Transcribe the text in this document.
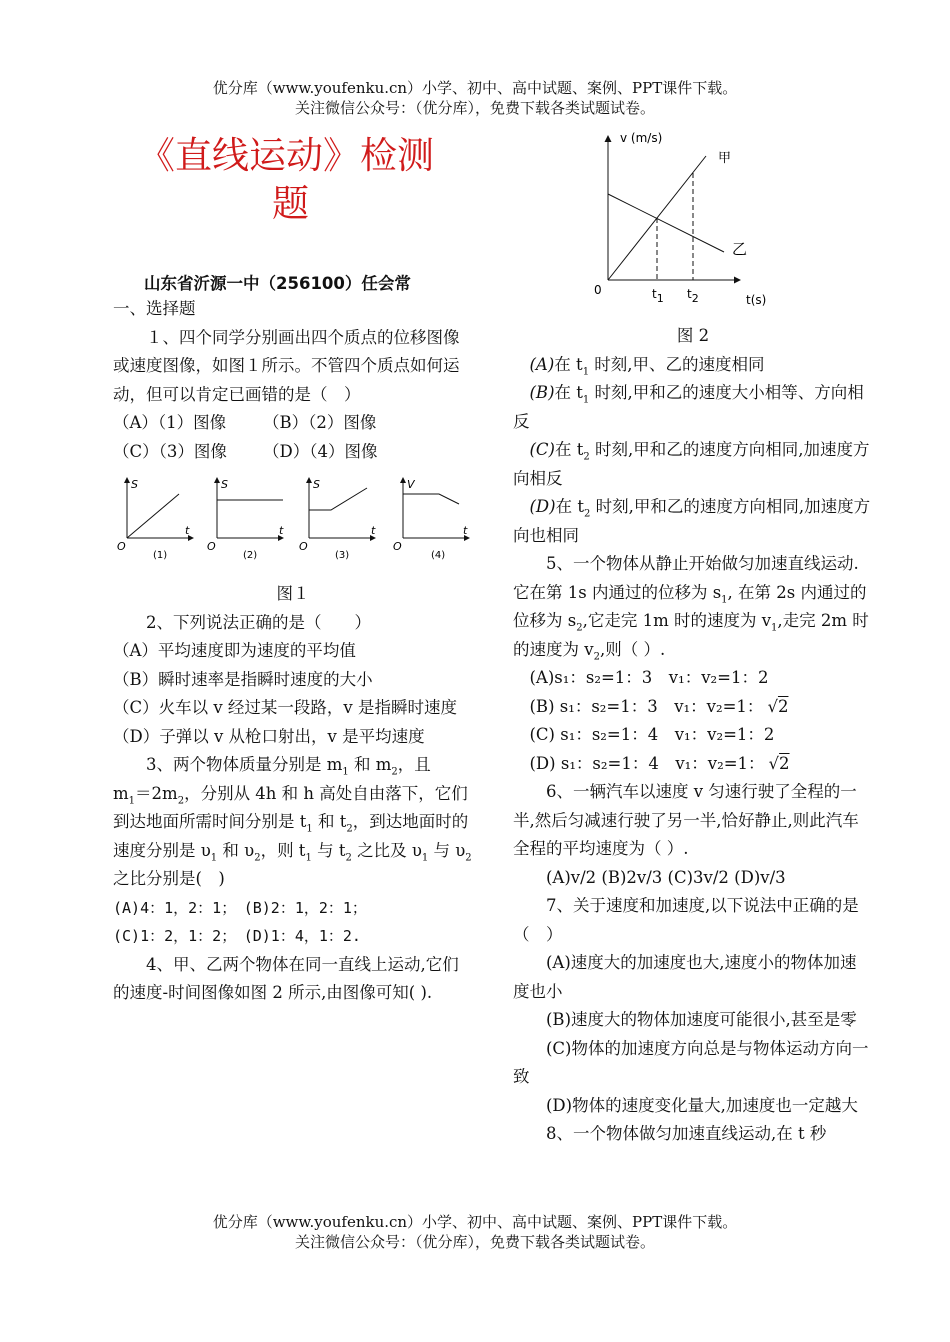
优分库（www.youfenku.cn）小学、初中、高中试题、案例、PPT课件下载。
关注微信公众号：（优分库），免费下载各类试题试卷。
《直线运动》检测
题
山东省沂源一中（256100）任会常

一、选择题

１、四个同学分别画出四个质点的位移图像或速度图像，如图１所示。不管四个质点如何运动，但可以肯定已画错的是（　）

（A）（1）图像 （B）（2）图像

（C）（3）图像 （D）（4）图像

S
t
O
(1)
S
t
O
(2)
S
t
O
(3)
V
t
O
(4)

图１

2、下列说法正确的是（　　）

（A）平均速度即为速度的平均值

（B）瞬时速率是指瞬时速度的大小

（C）火车以 v 经过某一段路，v 是指瞬时速度

（D）子弹以 v 从枪口射出，v 是平均速度

3、两个物体质量分别是 $m_1$ 和 $m_2$，且
$m_1=2m_2$，分别从 4h 和 h 高处自由落下，它们到达地面所需时间分别是 $t_1$ 和 $t_2$，到达地面时的速度分别是 $\upsilon_1$ 和 $\upsilon_2$，则 $t_1$ 与 $t_2$ 之比及 $\upsilon_1$ 与 $\upsilon_2$ 之比分别是(　)

(A)4：1，2：1；　(B)2：1，2：1；

(C)1：2，1：2；　(D)1：4，1：2.

4、甲、乙两个物体在同一直线上运动,它们的速度-时间图像如图 2 所示,由图像可知( ).

v (m/s)
甲
乙
0	t1 t2	t(s)

图 2

(A)在 $t_1$ 时刻,甲、乙的速度相同

(B)在 $t_1$ 时刻,甲和乙的速度大小相等、方向相反

(C)在 $t_2$ 时刻,甲和乙的速度方向相同,加速度方向相反

(D)在 $t_2$ 时刻,甲和乙的速度方向相同,加速度方向也相同

5、一个物体从静止开始做匀加速直线运动.它在第 1s 内通过的位移为 $s_1$, 在第 2s 内通过的位移为 $s_2$,它走完 1m 时的速度为 $v_1$,走完 2m 时的速度为 $v_2$,则（ ）.

(A)s₁：s₂=1：3　v₁：v₂=1：2

(B) s₁：s₂=1：3　v₁：v₂=1： √2

(C) s₁：s₂=1：4　v₁：v₂=1：2

(D) s₁：s₂=1：4　v₁：v₂=1： √2

6、一辆汽车以速度 v 匀速行驶了全程的一半,然后匀减速行驶了另一半,恰好静止,则此汽车全程的平均速度为（ ）.

(A)v/2 (B)2v/3 (C)3v/2 (D)v/3

7、关于速度和加速度,以下说法中正确的是（　）

(A)速度大的加速度也大,速度小的物体加速度也小

(B)速度大的物体加速度可能很小,甚至是零

(C)物体的加速度方向总是与物体运动方向一致

(D)物体的速度变化量大,加速度也一定越大

8、一个物体做匀加速直线运动,在 t 秒

优分库（www.youfenku.cn）小学、初中、高中试题、案例、PPT课件下载。
关注微信公众号：（优分库），免费下载各类试题试卷。
